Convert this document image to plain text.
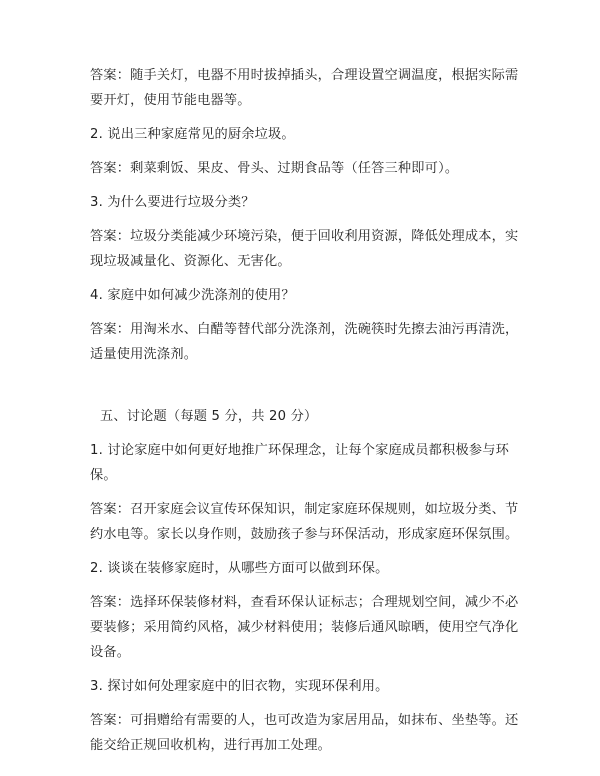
答案：随手关灯，电器不用时拔掉插头，合理设置空调温度，根据实际需要开灯，使用节能电器等。

2. 说出三种家庭常见的厨余垃圾。

答案：剩菜剩饭、果皮、骨头、过期食品等（任答三种即可）。

3. 为什么要进行垃圾分类？

答案：垃圾分类能减少环境污染，便于回收利用资源，降低处理成本，实现垃圾减量化、资源化、无害化。

4. 家庭中如何减少洗涤剂的使用？

答案：用淘米水、白醋等替代部分洗涤剂，洗碗筷时先擦去油污再清洗，适量使用洗涤剂。

五、讨论题（每题 5 分，共 20 分）

1. 讨论家庭中如何更好地推广环保理念，让每个家庭成员都积极参与环保。

答案：召开家庭会议宣传环保知识，制定家庭环保规则，如垃圾分类、节约水电等。家长以身作则，鼓励孩子参与环保活动，形成家庭环保氛围。

2. 谈谈在装修家庭时，从哪些方面可以做到环保。

答案：选择环保装修材料，查看环保认证标志；合理规划空间，减少不必要装修；采用简约风格，减少材料使用；装修后通风晾晒，使用空气净化设备。

3. 探讨如何处理家庭中的旧衣物，实现环保利用。

答案：可捐赠给有需要的人，也可改造为家居用品，如抹布、坐垫等。还能交给正规回收机构，进行再加工处理。
